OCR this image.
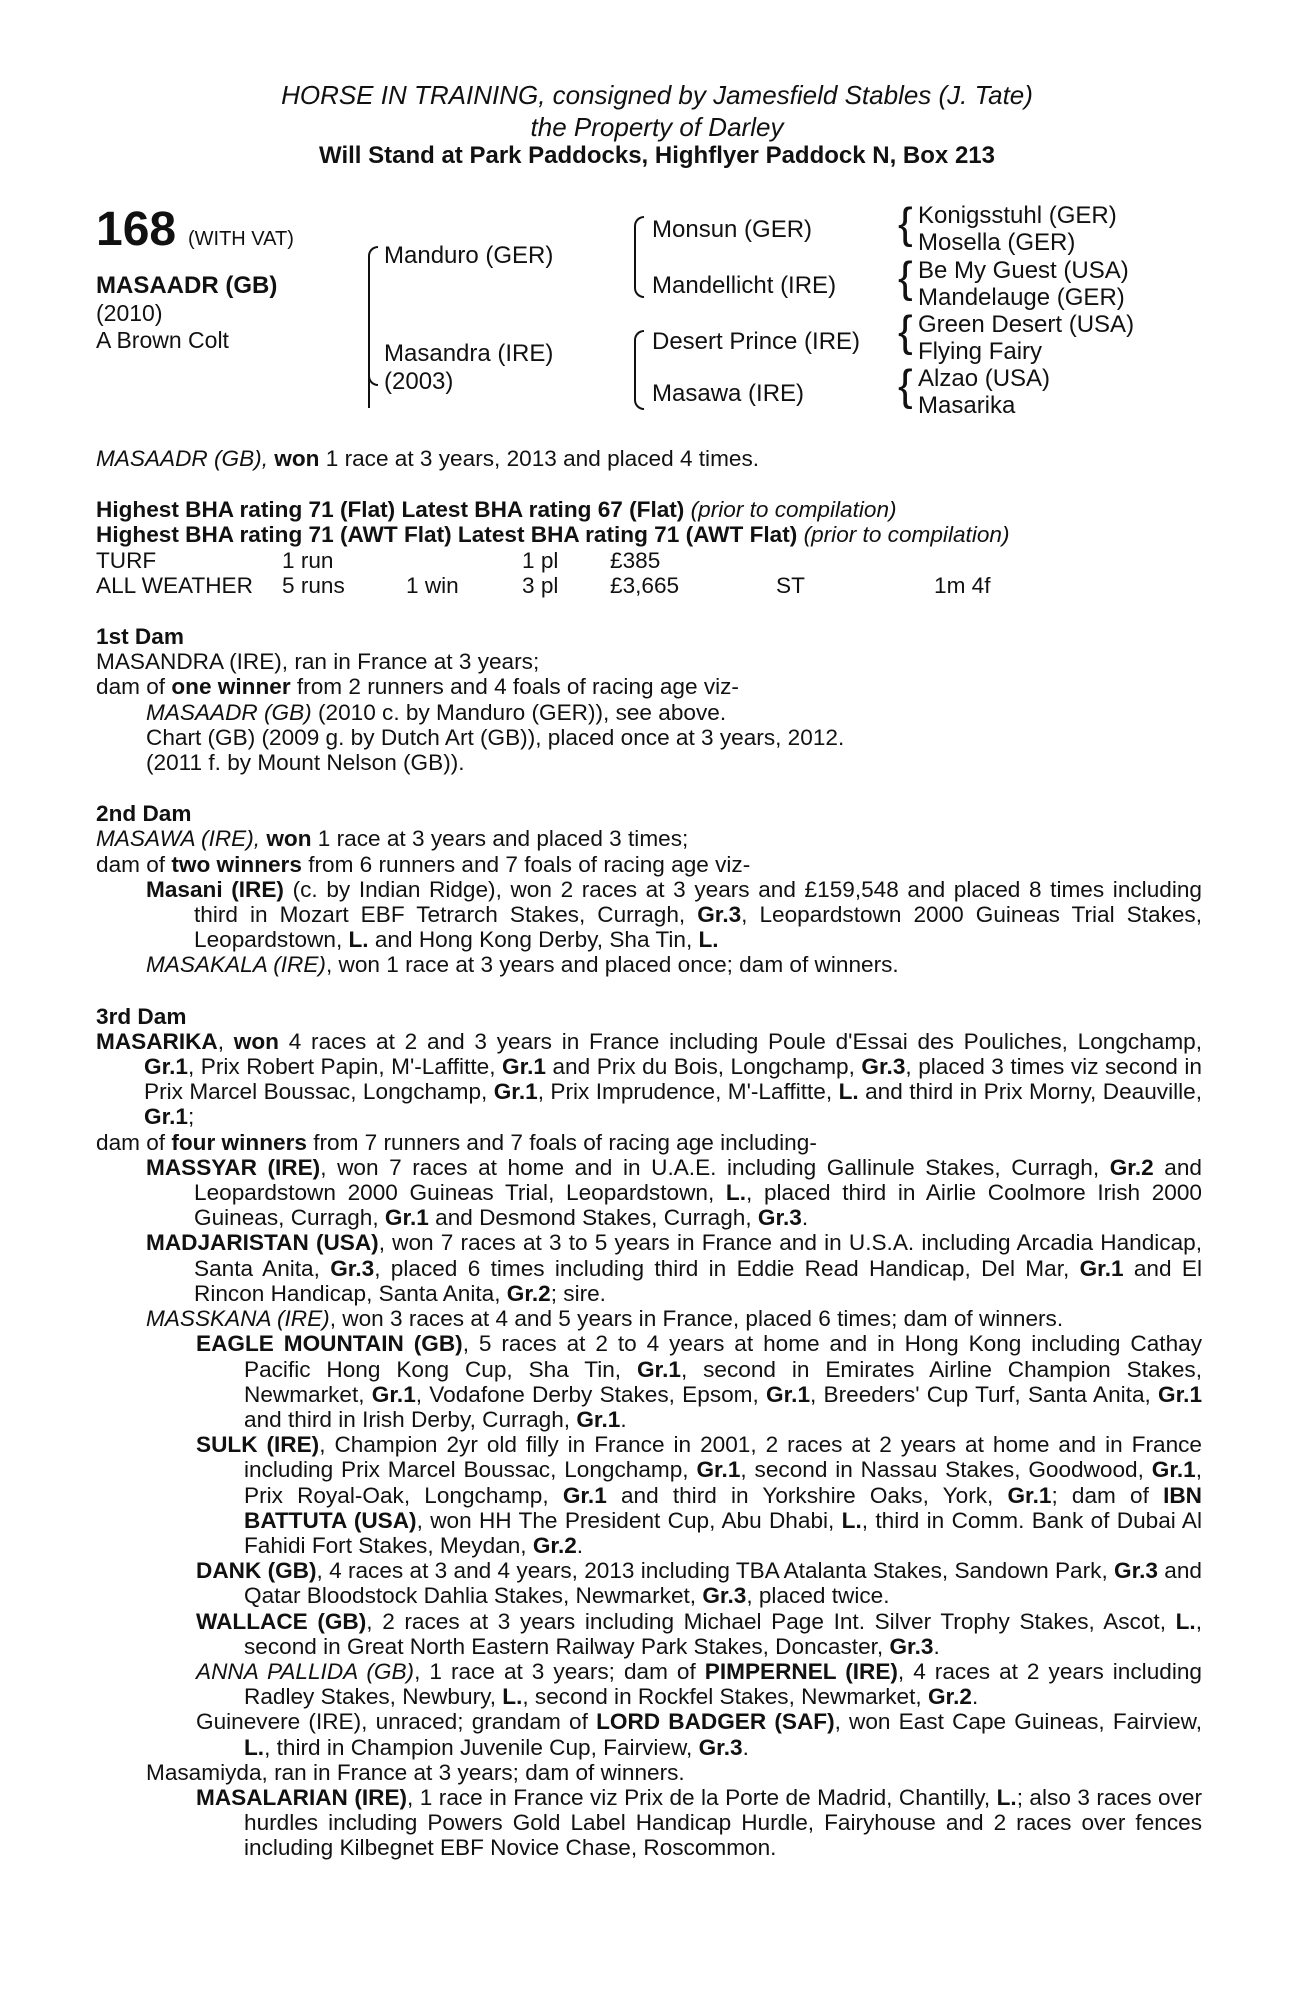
HORSE IN TRAINING, consigned by Jamesfield Stables (J. Tate)
the Property of Darley
Will Stand at Park Paddocks, Highflyer Paddock N, Box 213
168 (WITH VAT)
MASAADR (GB)
(2010)
A Brown Colt
Manduro (GER)
Masandra (IRE)
(2003)
Monsun (GER)
Mandellicht (IRE)
Desert Prince (IRE)
Masawa (IRE)
{
{
{
{
Konigsstuhl (GER)
Mosella (GER)
Be My Guest (USA)
Mandelauge (GER)
Green Desert (USA)
Flying Fairy
Alzao (USA)
Masarika

MASAADR (GB), won 1 race at 3 years, 2013 and placed 4 times.

Highest BHA rating 71 (Flat) Latest BHA rating 67 (Flat) (prior to compilation)

Highest BHA rating 71 (AWT Flat) Latest BHA rating 71 (AWT Flat) (prior to compilation)

TURF	1 run		1 pl	£385		
ALL WEATHER	5 runs	1 win	3 pl	£3,665	ST	1m 4f

1st Dam

MASANDRA (IRE), ran in France at 3 years;

dam of one winner from 2 runners and 4 foals of racing age viz-

MASAADR (GB) (2010 c. by Manduro (GER)), see above.

Chart (GB) (2009 g. by Dutch Art (GB)), placed once at 3 years, 2012.

(2011 f. by Mount Nelson (GB)).

2nd Dam

MASAWA (IRE), won 1 race at 3 years and placed 3 times;

dam of two winners from 6 runners and 7 foals of racing age viz-

Masani (IRE) (c. by Indian Ridge), won 2 races at 3 years and £159,548 and placed 8 times including third in Mozart EBF Tetrarch Stakes, Curragh, Gr.3, Leopardstown 2000 Guineas Trial Stakes, Leopardstown, L. and Hong Kong Derby, Sha Tin, L.

MASAKALA (IRE), won 1 race at 3 years and placed once; dam of winners.

3rd Dam

MASARIKA, won 4 races at 2 and 3 years in France including Poule d'Essai des Pouliches, Longchamp, Gr.1, Prix Robert Papin, M'-Laffitte, Gr.1 and Prix du Bois, Longchamp, Gr.3, placed 3 times viz second in Prix Marcel Boussac, Longchamp, Gr.1, Prix Imprudence, M'-Laffitte, L. and third in Prix Morny, Deauville, Gr.1;

dam of four winners from 7 runners and 7 foals of racing age including-

MASSYAR (IRE), won 7 races at home and in U.A.E. including Gallinule Stakes, Curragh, Gr.2 and Leopardstown 2000 Guineas Trial, Leopardstown, L., placed third in Airlie Coolmore Irish 2000 Guineas, Curragh, Gr.1 and Desmond Stakes, Curragh, Gr.3.

MADJARISTAN (USA), won 7 races at 3 to 5 years in France and in U.S.A. including Arcadia Handicap, Santa Anita, Gr.3, placed 6 times including third in Eddie Read Handicap, Del Mar, Gr.1 and El Rincon Handicap, Santa Anita, Gr.2; sire.

MASSKANA (IRE), won 3 races at 4 and 5 years in France, placed 6 times; dam of winners.

EAGLE MOUNTAIN (GB), 5 races at 2 to 4 years at home and in Hong Kong including Cathay Pacific Hong Kong Cup, Sha Tin, Gr.1, second in Emirates Airline Champion Stakes, Newmarket, Gr.1, Vodafone Derby Stakes, Epsom, Gr.1, Breeders' Cup Turf, Santa Anita, Gr.1 and third in Irish Derby, Curragh, Gr.1.

SULK (IRE), Champion 2yr old filly in France in 2001, 2 races at 2 years at home and in France including Prix Marcel Boussac, Longchamp, Gr.1, second in Nassau Stakes, Goodwood, Gr.1, Prix Royal-Oak, Longchamp, Gr.1 and third in Yorkshire Oaks, York, Gr.1; dam of IBN BATTUTA (USA), won HH The President Cup, Abu Dhabi, L., third in Comm. Bank of Dubai Al Fahidi Fort Stakes, Meydan, Gr.2.

DANK (GB), 4 races at 3 and 4 years, 2013 including TBA Atalanta Stakes, Sandown Park, Gr.3 and Qatar Bloodstock Dahlia Stakes, Newmarket, Gr.3, placed twice.

WALLACE (GB), 2 races at 3 years including Michael Page Int. Silver Trophy Stakes, Ascot, L., second in Great North Eastern Railway Park Stakes, Doncaster, Gr.3.

ANNA PALLIDA (GB), 1 race at 3 years; dam of PIMPERNEL (IRE), 4 races at 2 years including Radley Stakes, Newbury, L., second in Rockfel Stakes, Newmarket, Gr.2.

Guinevere (IRE), unraced; grandam of LORD BADGER (SAF), won East Cape Guineas, Fairview, L., third in Champion Juvenile Cup, Fairview, Gr.3.

Masamiyda, ran in France at 3 years; dam of winners.

MASALARIAN (IRE), 1 race in France viz Prix de la Porte de Madrid, Chantilly, L.; also 3 races over hurdles including Powers Gold Label Handicap Hurdle, Fairyhouse and 2 races over fences including Kilbegnet EBF Novice Chase, Roscommon.
